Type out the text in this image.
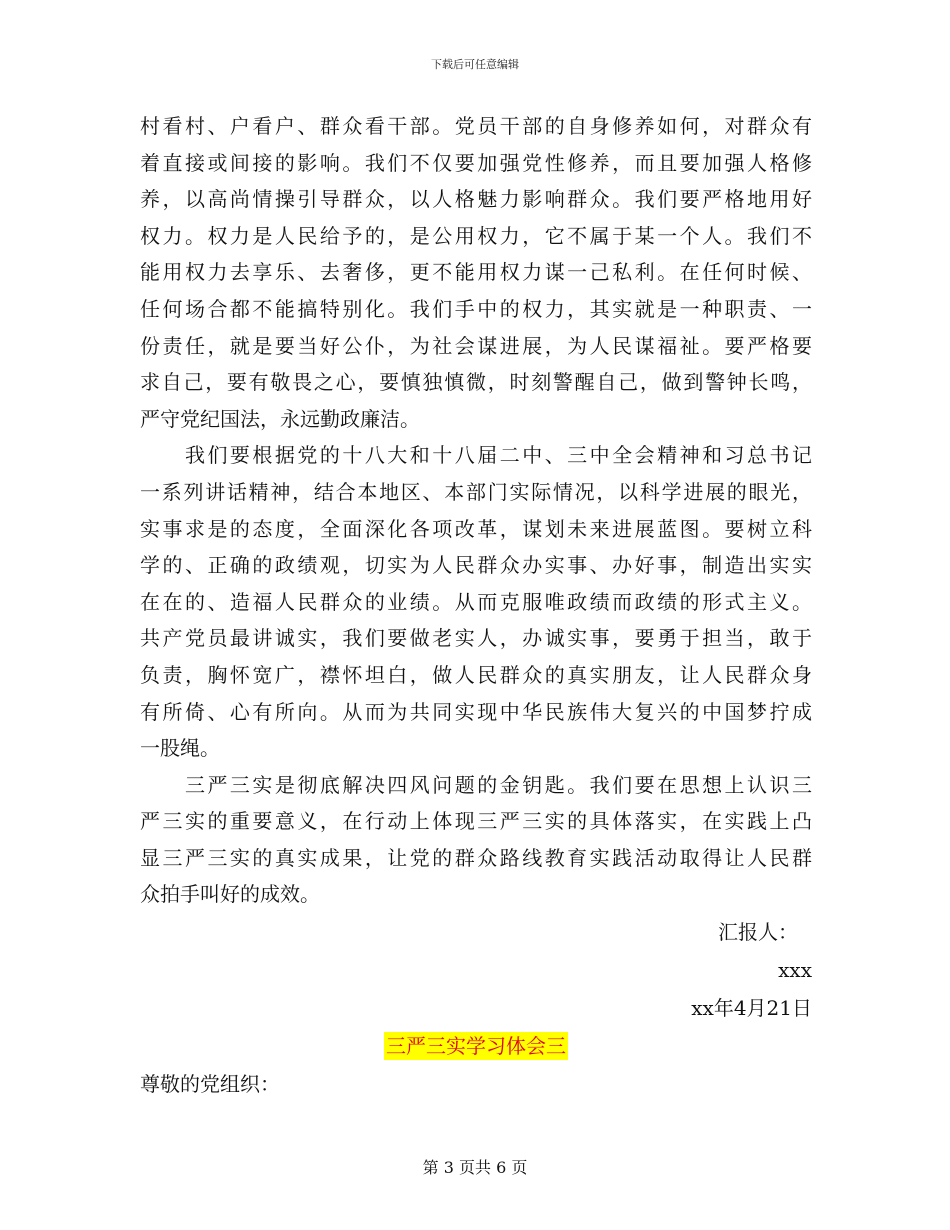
下载后可任意编辑
村看村、户看户、群众看干部。党员干部的自身修养如何，对群众有
着直接或间接的影响。我们不仅要加强党性修养，而且要加强人格修
养，以高尚情操引导群众，以人格魅力影响群众。我们要严格地用好
权力。权力是人民给予的，是公用权力，它不属于某一个人。我们不
能用权力去享乐、去奢侈，更不能用权力谋一己私利。在任何时候、
任何场合都不能搞特别化。我们手中的权力，其实就是一种职责、一
份责任，就是要当好公仆，为社会谋进展，为人民谋福祉。要严格要
求自己，要有敬畏之心，要慎独慎微，时刻警醒自己，做到警钟长鸣，
严守党纪国法，永远勤政廉洁。
　　我们要根据党的十八大和十八届二中、三中全会精神和习总书记
一系列讲话精神，结合本地区、本部门实际情况，以科学进展的眼光，
实事求是的态度，全面深化各项改革，谋划未来进展蓝图。要树立科
学的、正确的政绩观，切实为人民群众办实事、办好事，制造出实实
在在的、造福人民群众的业绩。从而克服唯政绩而政绩的形式主义。
共产党员最讲诚实，我们要做老实人，办诚实事，要勇于担当，敢于
负责，胸怀宽广，襟怀坦白，做人民群众的真实朋友，让人民群众身
有所倚、心有所向。从而为共同实现中华民族伟大复兴的中国梦拧成
一股绳。
　　三严三实是彻底解决四风问题的金钥匙。我们要在思想上认识三
严三实的重要意义，在行动上体现三严三实的具体落实，在实践上凸
显三严三实的真实成果，让党的群众路线教育实践活动取得让人民群
众拍手叫好的成效。
汇报人：
xxx
xx年4月21日
三严三实学习体会三
尊敬的党组织：
第 3 页共 6 页
